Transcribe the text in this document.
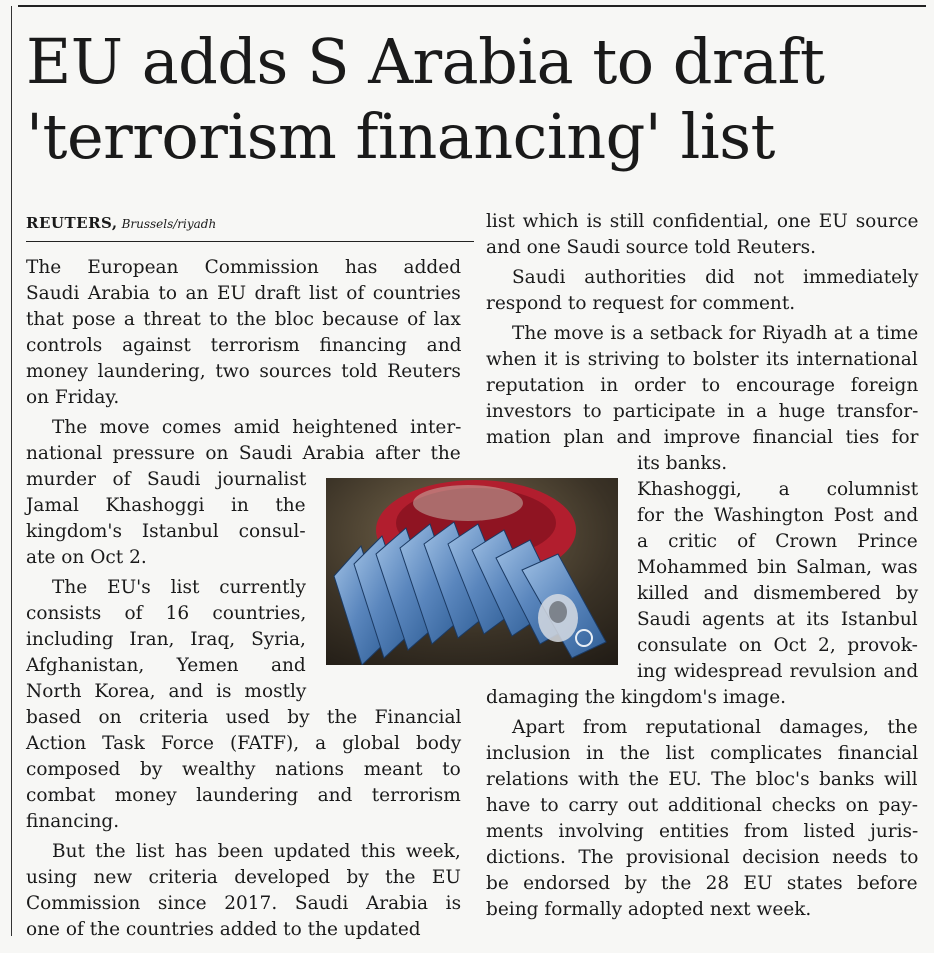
EU adds S Arabia to draft
'terrorism financing' list
REUTERS, Brussels/riyadh
The European Commission has added
Saudi Arabia to an EU draft list of countries
that pose a threat to the bloc because of lax
controls against terrorism financing and
money laundering, two sources told Reuters
on Friday.
The move comes amid heightened inter-
national pressure on Saudi Arabia after the
murder of Saudi journalist
Jamal Khashoggi in the
kingdom's Istanbul consul-
ate on Oct 2.
The EU's list currently
consists of 16 countries,
including Iran, Iraq, Syria,
Afghanistan, Yemen and
North Korea, and is mostly
based on criteria used by the Financial
Action Task Force (FATF), a global body
composed by wealthy nations meant to
combat money laundering and terrorism
financing.
But the list has been updated this week,
using new criteria developed by the EU
Commission since 2017. Saudi Arabia is
one of the countries added to the updated
list which is still confidential, one EU source
and one Saudi source told Reuters.
Saudi authorities did not immediately
respond to request for comment.
The move is a setback for Riyadh at a time
when it is striving to bolster its international
reputation in order to encourage foreign
investors to participate in a huge transfor-
mation plan and improve financial ties for
its banks.
Khashoggi, a columnist
for the Washington Post and
a critic of Crown Prince
Mohammed bin Salman, was
killed and dismembered by
Saudi agents at its Istanbul
consulate on Oct 2, provok-
ing widespread revulsion and
damaging the kingdom's image.
Apart from reputational damages, the
inclusion in the list complicates financial
relations with the EU. The bloc's banks will
have to carry out additional checks on pay-
ments involving entities from listed juris-
dictions. The provisional decision needs to
be endorsed by the 28 EU states before
being formally adopted next week.
